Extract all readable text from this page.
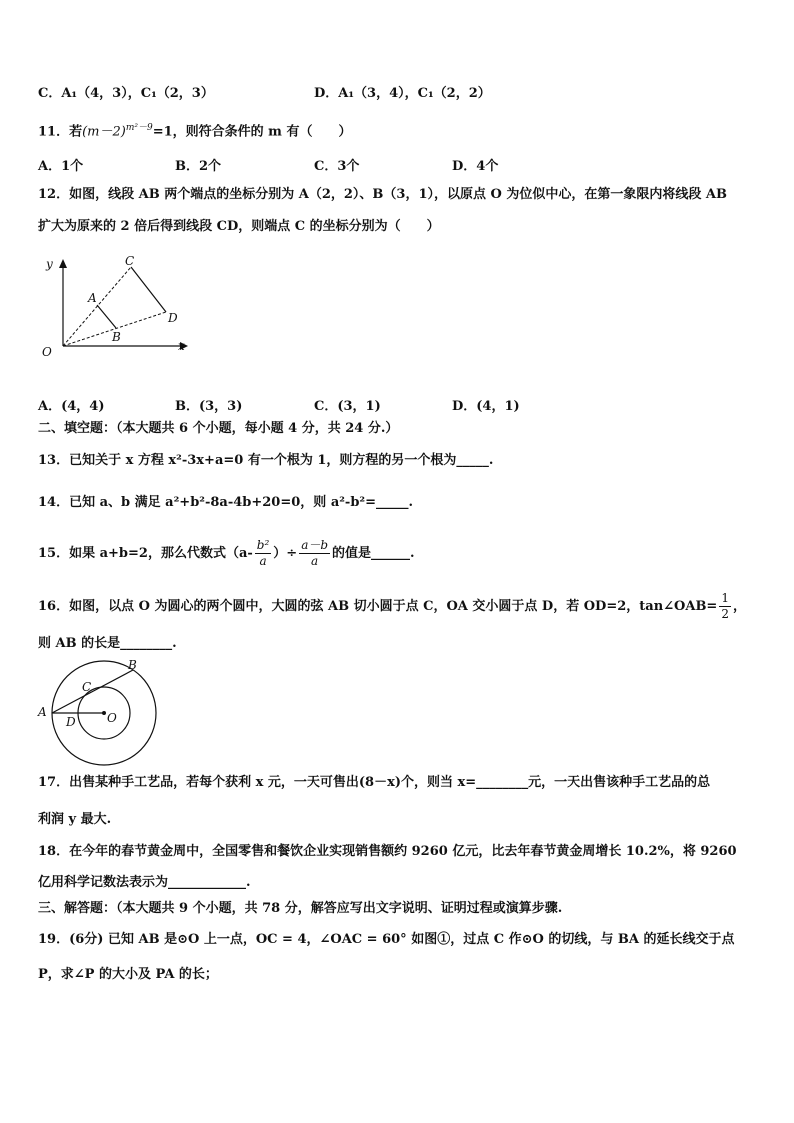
C．A₁（4，3），C₁（2，3）	D．A₁（3，4），C₁（2，2）
11．若$(m-2)^{m^2-9}=1$，则符合条件的 m 有（　　）
A．1个	B．2个	C．3个	D．4个
12．如图，线段 AB 两个端点的坐标分别为 A（2，2）、B（3，1），以原点 O 为位似中心，在第一象限内将线段 AB
扩大为原来的 2 倍后得到线段 CD，则端点 C 的坐标分别为（　　）
y
x
O
A
B
C
D
A．(4，4)	B．(3，3)	C．(3，1)	D．(4，1)
二、填空题：（本大题共 6 个小题，每小题 4 分，共 24 分.）
13．已知关于 x 方程 x²-3x+a=0 有一个根为 1，则方程的另一个根为_____.
14．已知 a、b 满足 a²+b²-8a-4b+20=0，则 a²-b²=_____.
15．如果 a+b=2，那么代数式（$a- \frac{\text{b²}}{a}$ ）÷ $\frac{a-b}{a}$ 的值是______.
16．如图，以点 O 为圆心的两个圆中，大圆的弦 AB 切小圆于点 C，OA 交小圆于点 D，若 OD=2，tan∠OAB= $\frac{1}{2}$ ，
则 AB 的长是________.
A
B
C
D	O
17．出售某种手工艺品，若每个获利 x 元，一天可售出(8－x)个，则当 x=________元，一天出售该种手工艺品的总
利润 y 最大.
18．在今年的春节黄金周中，全国零售和餐饮企业实现销售额约 9260 亿元，比去年春节黄金周增长 10.2%，将 9260
亿用科学记数法表示为____________.
三、解答题：（本大题共 9 个小题，共 78 分，解答应写出文字说明、证明过程或演算步骤.
19．(6分) 已知 AB 是⊙O 上一点，OC = 4，∠OAC = 60° 如图①，过点 C 作⊙O 的切线，与 BA 的延长线交于点
P，求∠P 的大小及 PA 的长；
